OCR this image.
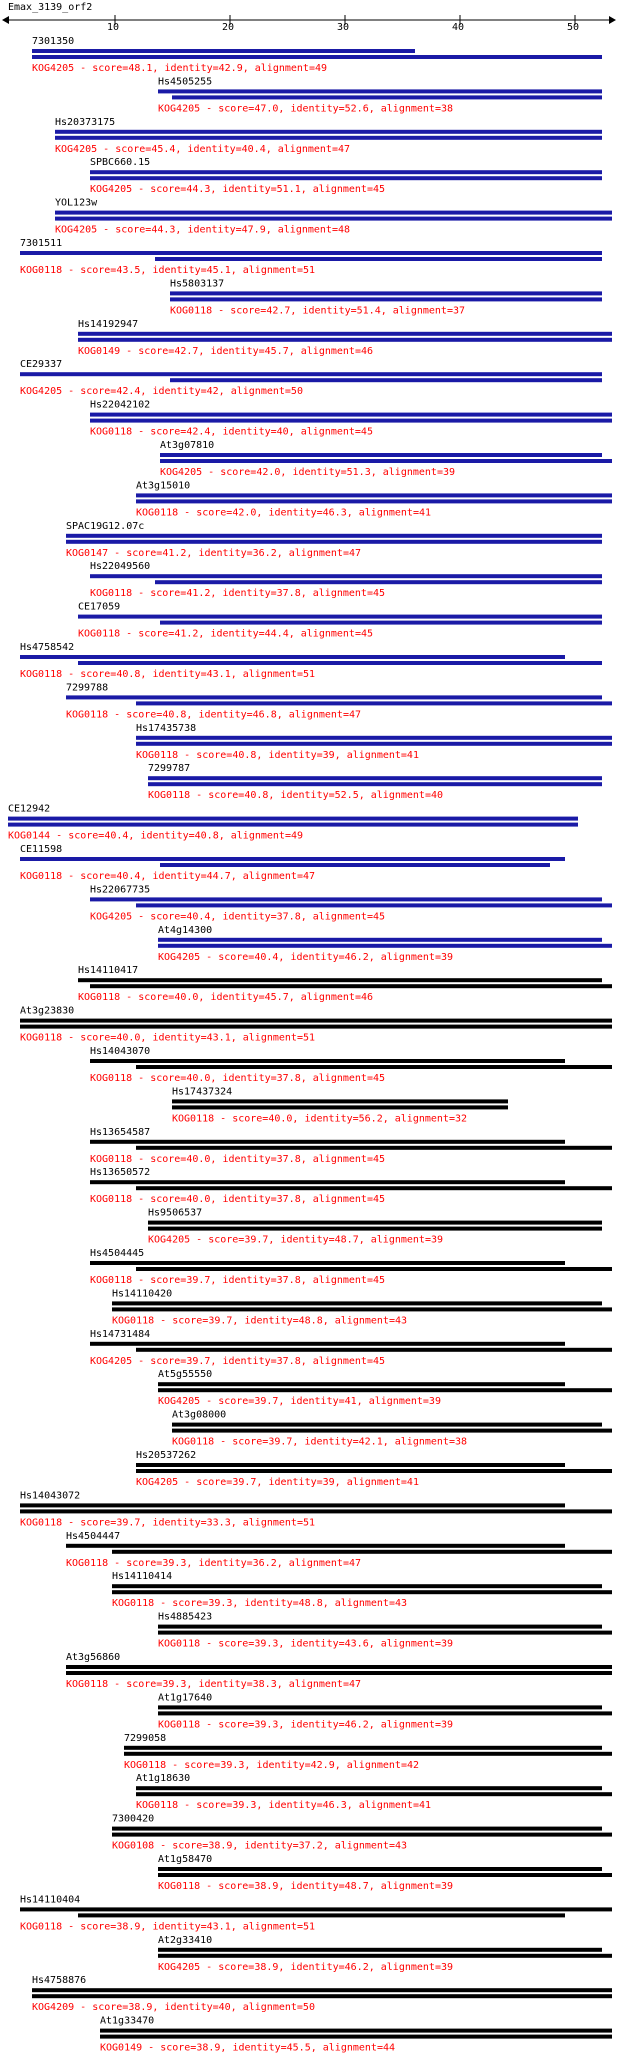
Emax_3139_orf2
10	20	30	40	50
7301350
KOG4205 - score=48.1, identity=42.9, alignment=49
Hs4505255
KOG4205 - score=47.0, identity=52.6, alignment=38
Hs20373175
KOG4205 - score=45.4, identity=40.4, alignment=47
SPBC660.15
KOG4205 - score=44.3, identity=51.1, alignment=45
YOL123w
KOG4205 - score=44.3, identity=47.9, alignment=48
7301511
KOG0118 - score=43.5, identity=45.1, alignment=51
Hs5803137
KOG0118 - score=42.7, identity=51.4, alignment=37
Hs14192947
KOG0149 - score=42.7, identity=45.7, alignment=46
CE29337
KOG4205 - score=42.4, identity=42, alignment=50
Hs22042102
KOG0118 - score=42.4, identity=40, alignment=45
At3g07810
KOG4205 - score=42.0, identity=51.3, alignment=39
At3g15010
KOG0118 - score=42.0, identity=46.3, alignment=41
SPAC19G12.07c
KOG0147 - score=41.2, identity=36.2, alignment=47
Hs22049560
KOG0118 - score=41.2, identity=37.8, alignment=45
CE17059
KOG0118 - score=41.2, identity=44.4, alignment=45
Hs4758542
KOG0118 - score=40.8, identity=43.1, alignment=51
7299788
KOG0118 - score=40.8, identity=46.8, alignment=47
Hs17435738
KOG0118 - score=40.8, identity=39, alignment=41
7299787
KOG0118 - score=40.8, identity=52.5, alignment=40
CE12942
KOG0144 - score=40.4, identity=40.8, alignment=49
CE11598
KOG0118 - score=40.4, identity=44.7, alignment=47
Hs22067735
KOG4205 - score=40.4, identity=37.8, alignment=45
At4g14300
KOG4205 - score=40.4, identity=46.2, alignment=39
Hs14110417
KOG0118 - score=40.0, identity=45.7, alignment=46
At3g23830
KOG0118 - score=40.0, identity=43.1, alignment=51
Hs14043070
KOG0118 - score=40.0, identity=37.8, alignment=45
Hs17437324
KOG0118 - score=40.0, identity=56.2, alignment=32
Hs13654587
KOG0118 - score=40.0, identity=37.8, alignment=45
Hs13650572
KOG0118 - score=40.0, identity=37.8, alignment=45
Hs9506537
KOG4205 - score=39.7, identity=48.7, alignment=39
Hs4504445
KOG0118 - score=39.7, identity=37.8, alignment=45
Hs14110420
KOG0118 - score=39.7, identity=48.8, alignment=43
Hs14731484
KOG4205 - score=39.7, identity=37.8, alignment=45
At5g55550
KOG4205 - score=39.7, identity=41, alignment=39
At3g08000
KOG0118 - score=39.7, identity=42.1, alignment=38
Hs20537262
KOG4205 - score=39.7, identity=39, alignment=41
Hs14043072
KOG0118 - score=39.7, identity=33.3, alignment=51
Hs4504447
KOG0118 - score=39.3, identity=36.2, alignment=47
Hs14110414
KOG0118 - score=39.3, identity=48.8, alignment=43
Hs4885423
KOG0118 - score=39.3, identity=43.6, alignment=39
At3g56860
KOG0118 - score=39.3, identity=38.3, alignment=47
At1g17640
KOG0118 - score=39.3, identity=46.2, alignment=39
7299058
KOG0118 - score=39.3, identity=42.9, alignment=42
At1g18630
KOG0118 - score=39.3, identity=46.3, alignment=41
7300420
KOG0108 - score=38.9, identity=37.2, alignment=43
At1g58470
KOG0118 - score=38.9, identity=48.7, alignment=39
Hs14110404
KOG0118 - score=38.9, identity=43.1, alignment=51
At2g33410
KOG4205 - score=38.9, identity=46.2, alignment=39
Hs4758876
KOG4209 - score=38.9, identity=40, alignment=50
At1g33470
KOG0149 - score=38.9, identity=45.5, alignment=44
